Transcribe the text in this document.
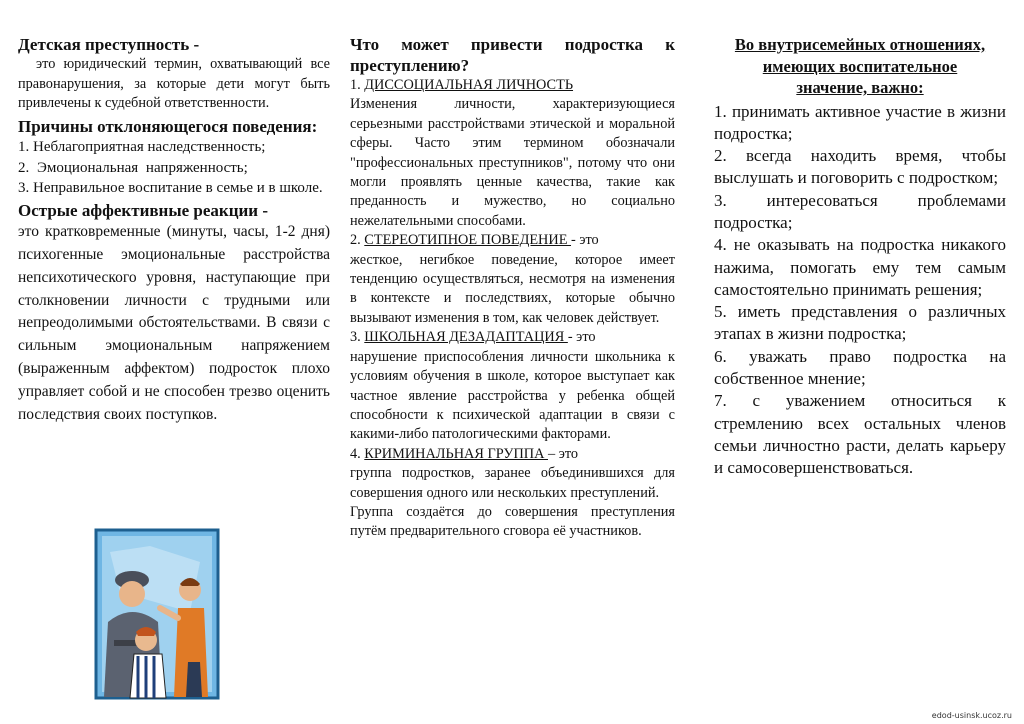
Детская преступность -

это юридический термин, охватывающий все правонарушения, за которые дети могут быть привлечены к судебной ответственности.

Причины отклоняющегося поведения:

1. Неблагоприятная наследственность;

2. Эмоциональная напряженность;

3. Неправильное воспитание в семье и в школе.

Острые аффективные реакции -

это кратковременные (минуты, часы, 1-2 дня) психогенные эмоциональные расстройства непсихотического уровня, наступающие при столкновении личности с трудными или непреодолимыми обстоятельствами. В связи с сильным эмоциональным напряжением (выраженным аффектом) подросток плохо управляет собой и не способен трезво оценить последствия своих поступков.

Что может привести подростка к преступлению?

1. ДИССОЦИАЛЬНАЯ ЛИЧНОСТЬ

Изменения личности, характеризующиеся серьезными расстройствами этической и моральной сферы. Часто этим термином обозначали "профессиональных преступников", потому что они могли проявлять ценные качества, такие как преданность и мужество, но социально нежелательными способами.

2. СТЕРЕОТИПНОЕ ПОВЕДЕНИЕ - это

жесткое, негибкое поведение, которое имеет тенденцию осуществляться, несмотря на изменения в контексте и последствиях, которые обычно вызывают изменения в том, как человек действует.

3. ШКОЛЬНАЯ ДЕЗАДАПТАЦИЯ - это

нарушение приспособления личности школьника к условиям обучения в школе, которое выступает как частное явление расстройства у ребенка общей способности к психической адаптации в связи с какими-либо патологическими факторами.

4. КРИМИНАЛЬНАЯ ГРУППА – это

группа подростков, заранее объединившихся для совершения одного или нескольких преступлений.

Группа создаётся до совершения преступления путём предварительного сговора её участников.

Во внутрисемейных отношениях, имеющих воспитательное значение, важно:

1. принимать активное участие в жизни подростка;

2. всегда находить время, чтобы выслушать и поговорить с подростком;

3. интересоваться проблемами подростка;

4. не оказывать на подростка никакого нажима, помогать ему тем самым самостоятельно принимать решения;

5. иметь представления о различных этапах в жизни подростка;

6. уважать право подростка на собственное мнение;

7. с уважением относиться к стремлению всех остальных членов семьи личностно расти, делать карьеру и самосовершенствоваться.

edod-usinsk.ucoz.ru
